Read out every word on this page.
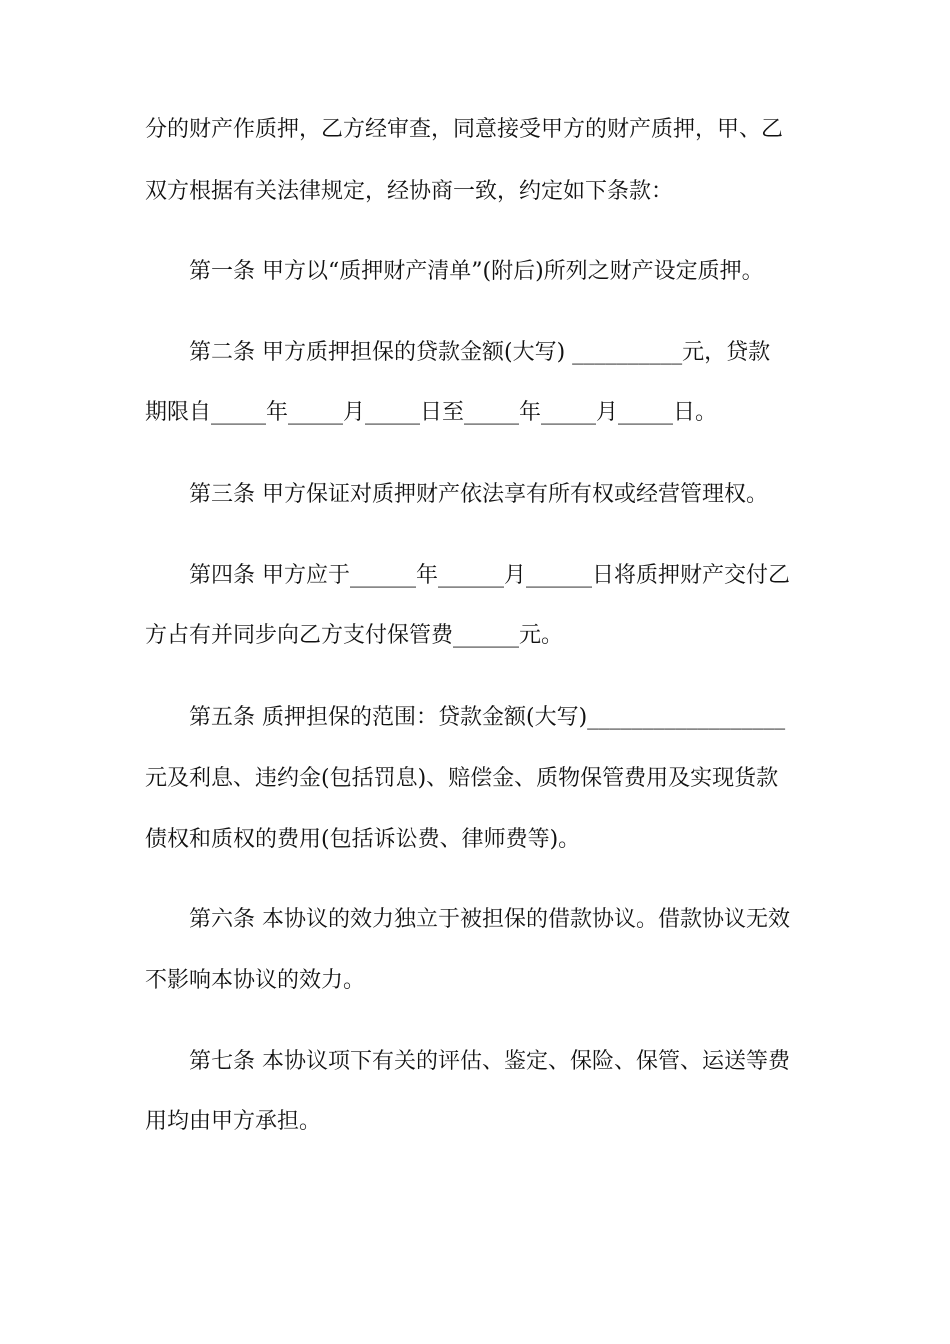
分的财产作质押，乙方经审查，同意接受甲方的财产质押，甲、乙
双方根据有关法律规定，经协商一致，约定如下条款：
第一条 甲方以“质押财产清单”(附后)所列之财产设定质押。
第二条 甲方质押担保的贷款金额(大写) __________元，贷款
期限自_____年_____月_____日至_____年_____月_____日。
第三条 甲方保证对质押财产依法享有所有权或经营管理权。
第四条 甲方应于______年______月______日将质押财产交付乙
方占有并同步向乙方支付保管费______元。
第五条 质押担保的范围：贷款金额(大写)__________________
元及利息、违约金(包括罚息)、赔偿金、质物保管费用及实现货款
债权和质权的费用(包括诉讼费、律师费等)。
第六条 本协议的效力独立于被担保的借款协议。借款协议无效
不影响本协议的效力。
第七条 本协议项下有关的评估、鉴定、保险、保管、运送等费
用均由甲方承担。
